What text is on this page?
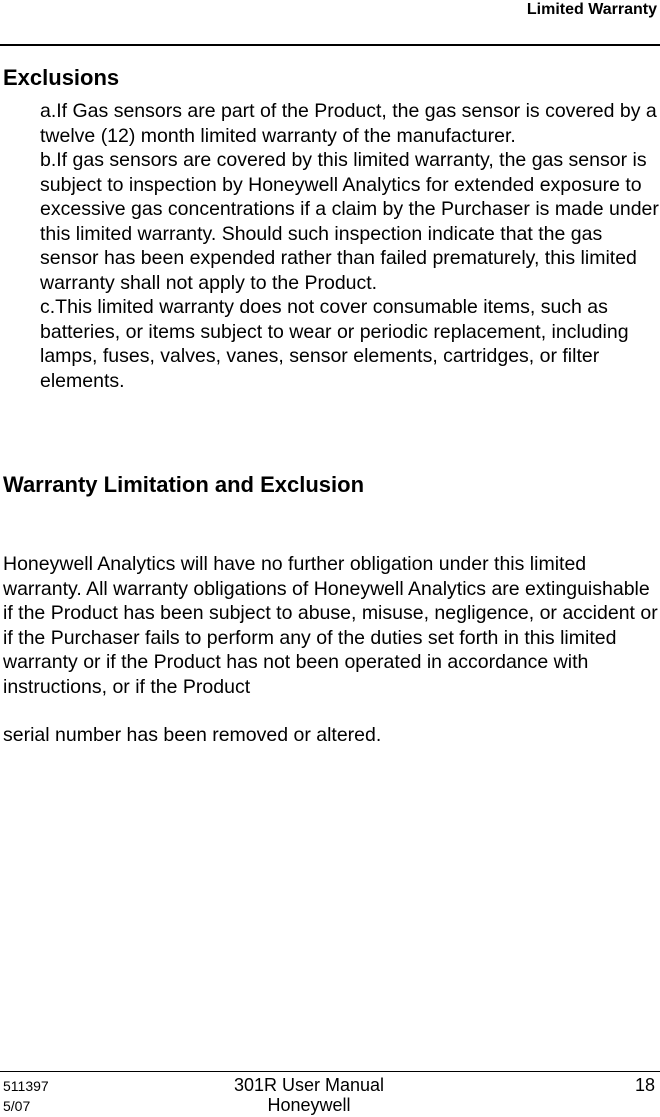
Limited Warranty
Exclusions
a.If Gas sensors are part of the Product, the gas sensor is covered by a twelve (12) month limited warranty of the manufacturer.
b.If gas sensors are covered by this limited warranty, the gas sensor is subject to inspection by Honeywell Analytics for extended exposure to excessive gas concentrations if a claim by the Purchaser is made under this limited warranty. Should such inspection indicate that the gas sensor has been expended rather than failed prematurely, this limited warranty shall not apply to the Product.
c.This limited warranty does not cover consumable items, such as batteries, or items subject to wear or periodic replacement, including lamps, fuses, valves, vanes, sensor elements, cartridges, or filter elements.
Warranty Limitation and Exclusion

Honeywell Analytics will have no further obligation under this limited warranty. All warranty obligations of Honeywell Analytics are extinguishable if the Product has been subject to abuse, misuse, negligence, or accident or if the Purchaser fails to perform any of the duties set forth in this limited warranty or if the Product has not been operated in accordance with instructions, or if the Product

serial number has been removed or altered.

511397
5/07
301R User Manual
Honeywell
18
